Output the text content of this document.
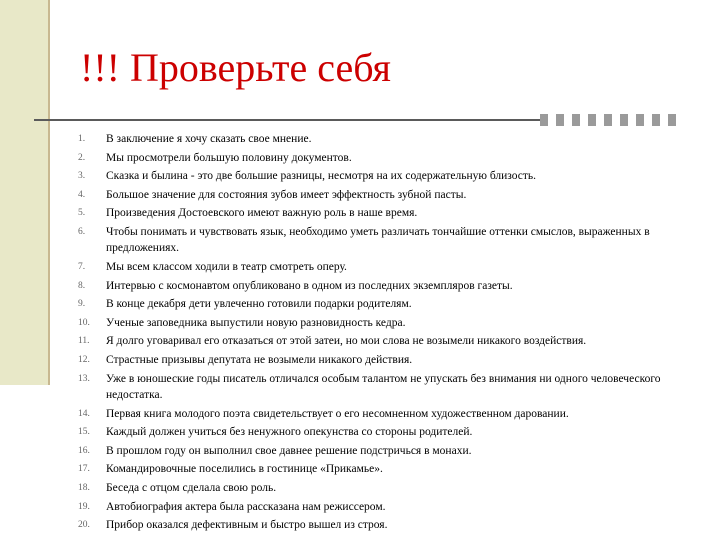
!!! Проверьте себя
1. В заключение я хочу сказать свое мнение.
2. Мы просмотрели большую половину документов.
3. Сказка и былина - это две большие разницы, несмотря на их содержательную близость.
4. Большое значение для состояния зубов имеет эффектность зубной пасты.
5. Произведения Достоевского имеют важную роль в наше время.
6. Чтобы понимать и чувствовать язык, необходимо уметь различать тончайшие оттенки смыслов, выраженных в предложениях.
7. Мы всем классом ходили в театр смотреть оперу.
8. Интервью с космонавтом опубликовано в одном из последних экземпляров газеты.
9. В конце декабря дети увлеченно готовили подарки родителям.
10. Ученые заповедника выпустили новую разновидность кедра.
11. Я долго уговаривал его отказаться от этой затеи, но мои слова не возымели никакого воздействия.
12. Страстные призывы депутата не возымели никакого действия.
13. Уже в юношеские годы писатель отличался особым талантом не упускать без внимания ни одного человеческого недостатка.
14. Первая книга молодого поэта свидетельствует о его несомненном художественном даровании.
15. Каждый должен учиться без ненужного опекунства со стороны родителей.
16. В прошлом году он выполнил свое давнее решение подстричься в монахи.
17. Командировочные поселились в гостинице «Прикамье».
18. Беседа с отцом сделала свою роль.
19. Автобиография актера была рассказана нам режиссером.
20. Прибор оказался дефективным и быстро вышел из строя.
